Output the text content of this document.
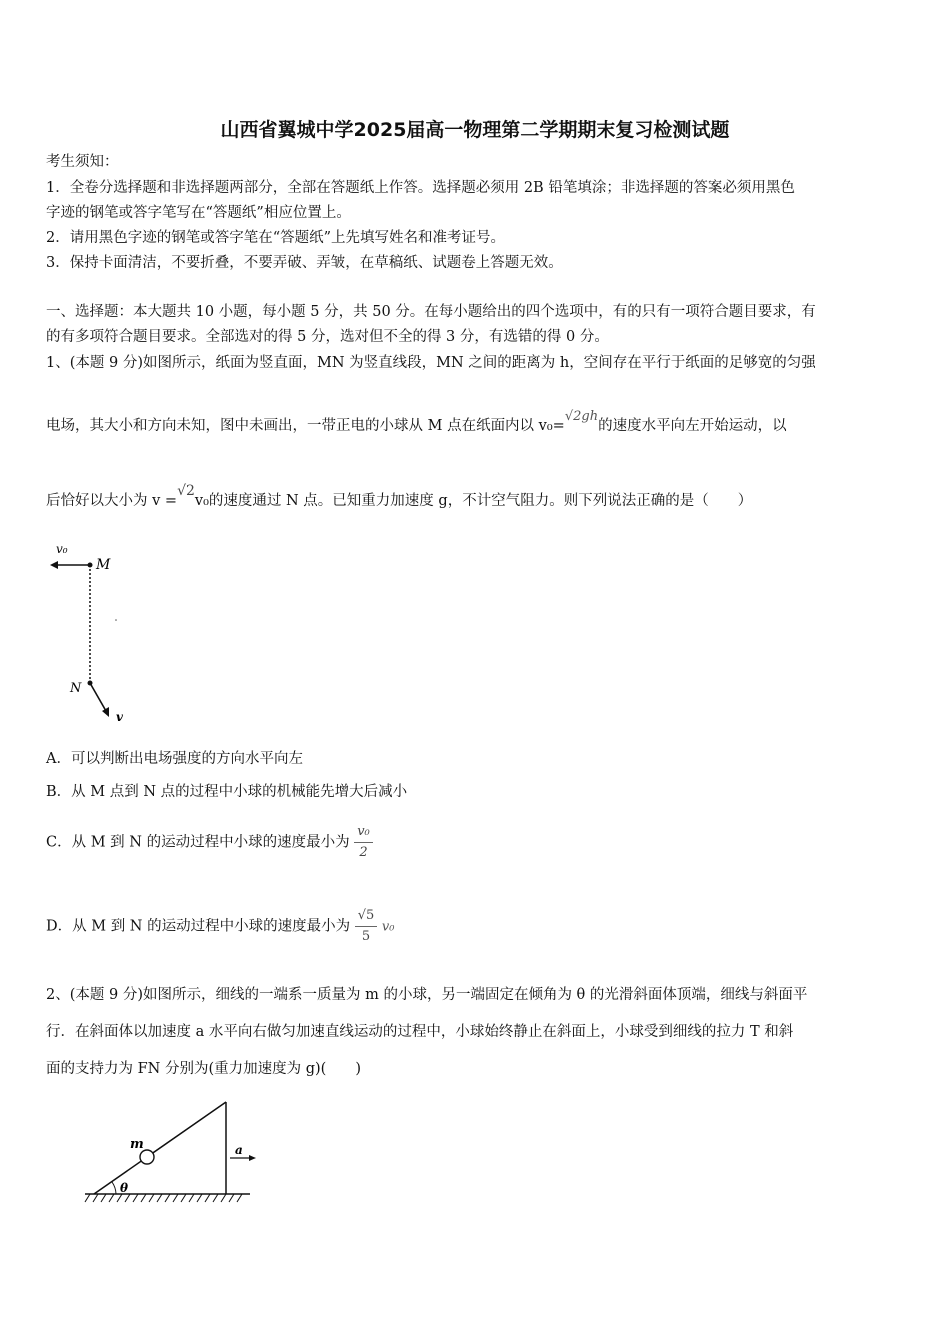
山西省翼城中学2025届高一物理第二学期期末复习检测试题
考生须知：
1．全卷分选择题和非选择题两部分，全部在答题纸上作答。选择题必须用 2B 铅笔填涂；非选择题的答案必须用黑色
字迹的钢笔或答字笔写在“答题纸”相应位置上。
2．请用黑色字迹的钢笔或答字笔在“答题纸”上先填写姓名和准考证号。
3．保持卡面清洁，不要折叠，不要弄破、弄皱，在草稿纸、试题卷上答题无效。
一、选择题：本大题共 10 小题，每小题 5 分，共 50 分。在每小题给出的四个选项中，有的只有一项符合题目要求，有
的有多项符合题目要求。全部选对的得 5 分，选对但不全的得 3 分，有选错的得 0 分。
1、(本题 9 分)如图所示，纸面为竖直面，MN 为竖直线段，MN 之间的距离为 h，空间存在平行于纸面的足够宽的匀强
电场，其大小和方向未知，图中未画出，一带正电的小球从 M 点在纸面内以 v₀=√2gh的速度水平向左开始运动，以
后恰好以大小为 v =√2v₀的速度通过 N 点。已知重力加速度 g，不计空气阻力。则下列说法正确的是（　　）
v₀
M
N
v
A．可以判断出电场强度的方向水平向左
B．从 M 点到 N 点的过程中小球的机械能先增大后减小
C．从 M 到 N 的运动过程中小球的速度最小为 $\frac{\text{v₀}}{2}$
D．从 M 到 N 的运动过程中小球的速度最小为 $\frac{√5}{5} v_0$
2、(本题 9 分)如图所示，细线的一端系一质量为 m 的小球，另一端固定在倾角为 θ 的光滑斜面体顶端，细线与斜面平
行．在斜面体以加速度 a 水平向右做匀加速直线运动的过程中，小球始终静止在斜面上，小球受到细线的拉力 T 和斜
面的支持力为 FN 分别为(重力加速度为 g)(　　)
m
θ
a
